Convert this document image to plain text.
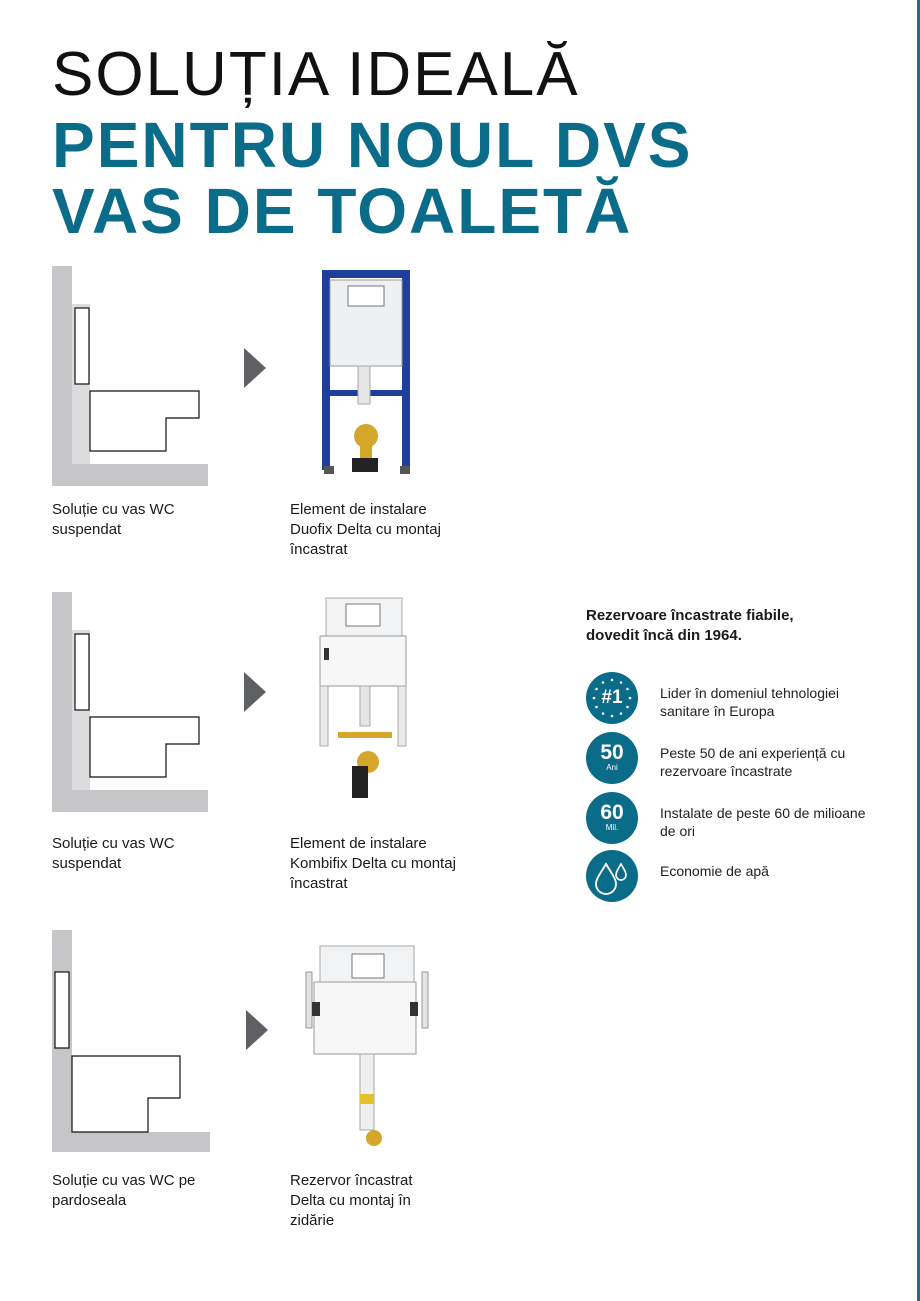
SOLUȚIA IDEALĂ
PENTRU NOUL DVS
VAS DE TOALETĂ

Soluție cu vas WC suspendat

Element de instalare Duofix Delta cu montaj încastrat

Soluție cu vas WC suspendat

Element de instalare Kombifix Delta cu montaj încastrat

Soluție cu vas WC pe pardoseala

Rezervor încastrat Delta cu montaj în zidărie

Rezervoare încastrate fiabile, dovedit încă din 1964.

#1	Lider în domeniul tehnologiei sanitare în Europa

50
Ani

Peste 50 de ani experiență cu rezervoare încastrate

60
Mil.

Instalate de peste 60 de milioane de ori

Economie de apă
